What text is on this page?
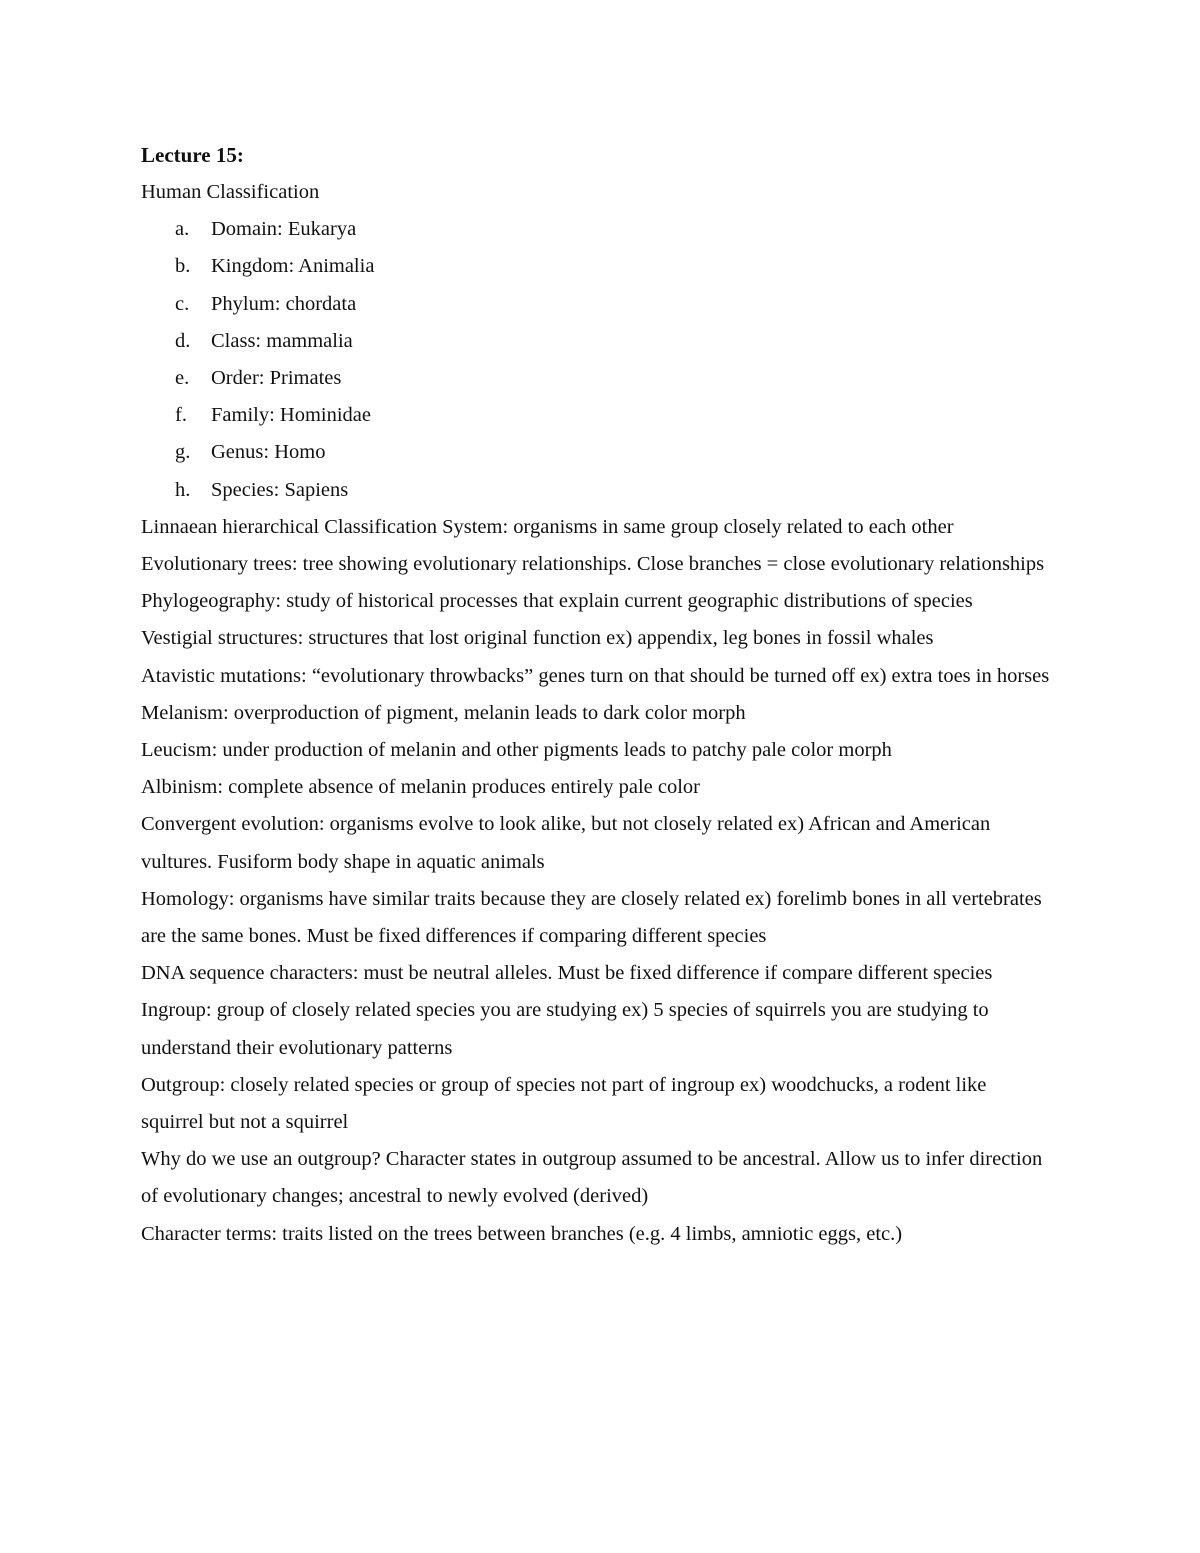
Lecture 15:
Human Classification
a. Domain: Eukarya
b. Kingdom: Animalia
c. Phylum: chordata
d. Class: mammalia
e. Order: Primates
f. Family: Hominidae
g. Genus: Homo
h. Species: Sapiens

Linnaean hierarchical Classification System: organisms in same group closely related to each other

Evolutionary trees: tree showing evolutionary relationships. Close branches = close evolutionary relationships

Phylogeography: study of historical processes that explain current geographic distributions of species

Vestigial structures: structures that lost original function ex) appendix, leg bones in fossil whales

Atavistic mutations: “evolutionary throwbacks” genes turn on that should be turned off ex) extra toes in horses

Melanism: overproduction of pigment, melanin leads to dark color morph

Leucism: under production of melanin and other pigments leads to patchy pale color morph

Albinism: complete absence of melanin produces entirely pale color

Convergent evolution: organisms evolve to look alike, but not closely related ex) African and American vultures. Fusiform body shape in aquatic animals

Homology: organisms have similar traits because they are closely related ex) forelimb bones in all vertebrates are the same bones. Must be fixed differences if comparing different species

DNA sequence characters: must be neutral alleles. Must be fixed difference if compare different species

Ingroup: group of closely related species you are studying ex) 5 species of squirrels you are studying to understand their evolutionary patterns

Outgroup: closely related species or group of species not part of ingroup ex) woodchucks, a rodent like squirrel but not a squirrel

Why do we use an outgroup? Character states in outgroup assumed to be ancestral. Allow us to infer direction of evolutionary changes; ancestral to newly evolved (derived)

Character terms: traits listed on the trees between branches (e.g. 4 limbs, amniotic eggs, etc.)
